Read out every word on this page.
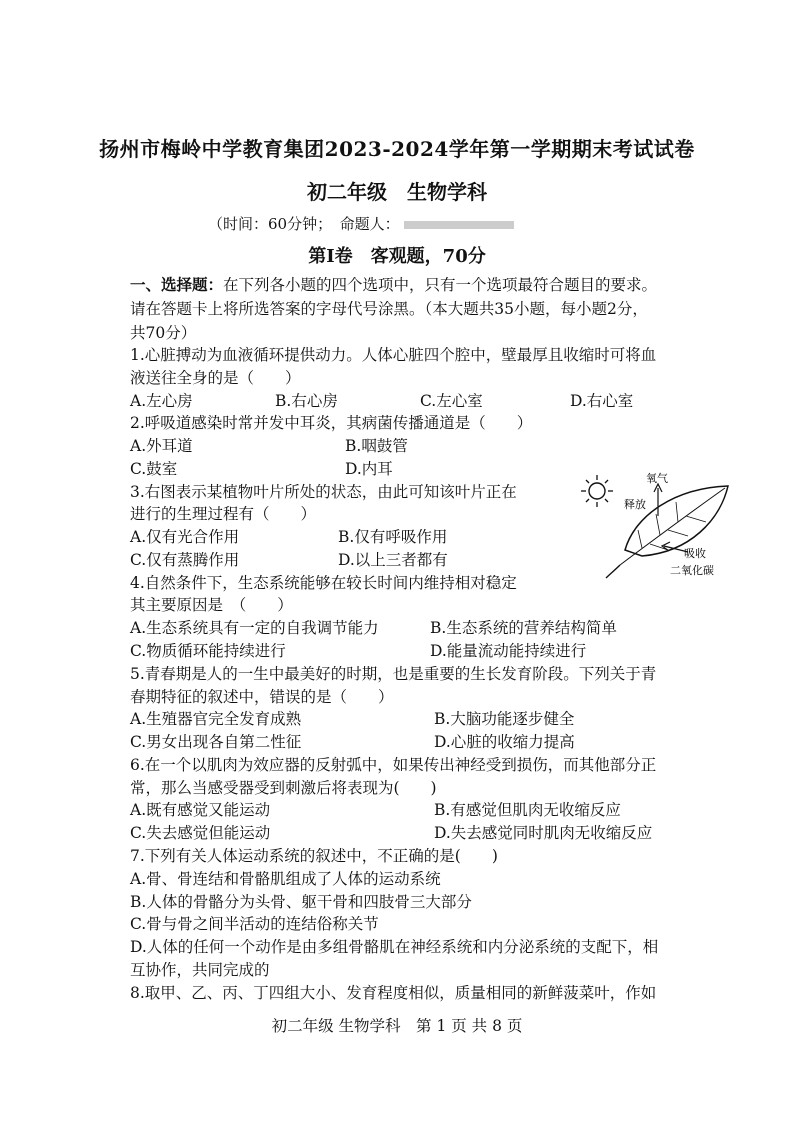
扬州市梅岭中学教育集团2023-2024学年第一学期期末考试试卷
初二年级　生物学科
（时间：60分钟；　命题人：
第Ⅰ卷　客观题，70分
一、选择题：在下列各小题的四个选项中，只有一个选项最符合题目的要求。
请在答题卡上将所选答案的字母代号涂黑。（本大题共35小题，每小题2分，
共70分）
1.心脏搏动为血液循环提供动力。人体心脏四个腔中，壁最厚且收缩时可将血
液送往全身的是（　　）
A.左心房	B.右心房	C.左心室	D.右心室
2.呼吸道感染时常并发中耳炎，其病菌传播通道是（　　）
A.外耳道	B.咽鼓管
C.鼓室	D.内耳
3.右图表示某植物叶片所处的状态，由此可知该叶片正在
进行的生理过程有（　　）
A.仅有光合作用	B.仅有呼吸作用
C.仅有蒸腾作用	D.以上三者都有
氧气
释放
吸收
二氧化碳
4.自然条件下，生态系统能够在较长时间内维持相对稳定
其主要原因是　（　　）
A.生态系统具有一定的自我调节能力	B.生态系统的营养结构简单
C.物质循环能持续进行	D.能量流动能持续进行
5.青春期是人的一生中最美好的时期，也是重要的生长发育阶段。下列关于青
春期特征的叙述中，错误的是（　　）
A.生殖器官完全发育成熟	B.大脑功能逐步健全
C.男女出现各自第二性征	D.心脏的收缩力提高
6.在一个以肌肉为效应器的反射弧中，如果传出神经受到损伤，而其他部分正
常，那么当感受器受到刺激后将表现为(　　)
A.既有感觉又能运动	B.有感觉但肌肉无收缩反应
C.失去感觉但能运动	D.失去感觉同时肌肉无收缩反应
7.下列有关人体运动系统的叙述中，不正确的是(　　)
A.骨、骨连结和骨骼肌组成了人体的运动系统
B.人体的骨骼分为头骨、躯干骨和四肢骨三大部分
C.骨与骨之间半活动的连结俗称关节
D.人体的任何一个动作是由多组骨骼肌在神经系统和内分泌系统的支配下，相
互协作，共同完成的
8.取甲、乙、丙、丁四组大小、发育程度相似，质量相同的新鲜菠菜叶，作如
初二年级 生物学科　第 1 页 共 8 页
